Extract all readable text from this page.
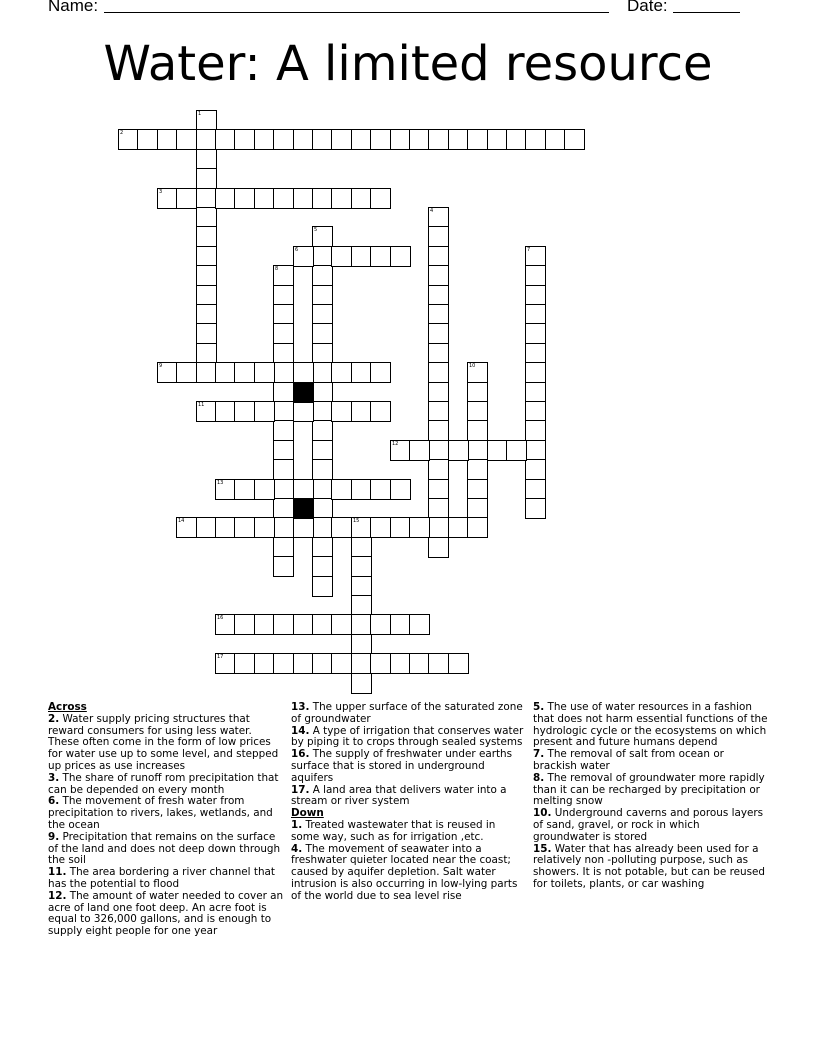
Name:	Date:
Water: A limited resource
1
2
3
4
5
6	7
8
9	10
11
12
13
14	15
16
17
Across
2. Water supply pricing structures that reward consumers for using less water. These often come in the form of low prices for water use up to some level, and stepped up prices as use increases
3. The share of runoff rom precipitation that can be depended on every month
6. The movement of fresh water from precipitation to rivers, lakes, wetlands, and the ocean
9. Precipitation that remains on the surface of the land and does not deep down through the soil
11. The area bordering a river channel that has the potential to flood
12. The amount of water needed to cover an acre of land one foot deep. An acre foot is equal to 326,000 gallons, and is enough to supply eight people for one year
13. The upper surface of the saturated zone of groundwater
14. A type of irrigation that conserves water by piping it to crops through sealed systems
16. The supply of freshwater under earths surface that is stored in underground aquifers
17. A land area that delivers water into a stream or river system
Down
1. Treated wastewater that is reused in some way, such as for irrigation ,etc.
4. The movement of seawater into a freshwater quieter located near the coast; caused by aquifer depletion. Salt water intrusion is also occurring in low-lying parts of the world due to sea level rise
5. The use of water resources in a fashion that does not harm essential functions of the hydrologic cycle or the ecosystems on which present and future humans depend
7. The removal of salt from ocean or brackish water
8. The removal of groundwater more rapidly than it can be recharged by precipitation or melting snow
10. Underground caverns and porous layers of sand, gravel, or rock in which groundwater is stored
15. Water that has already been used for a relatively non -polluting purpose, such as showers. It is not potable, but can be reused for toilets, plants, or car washing
